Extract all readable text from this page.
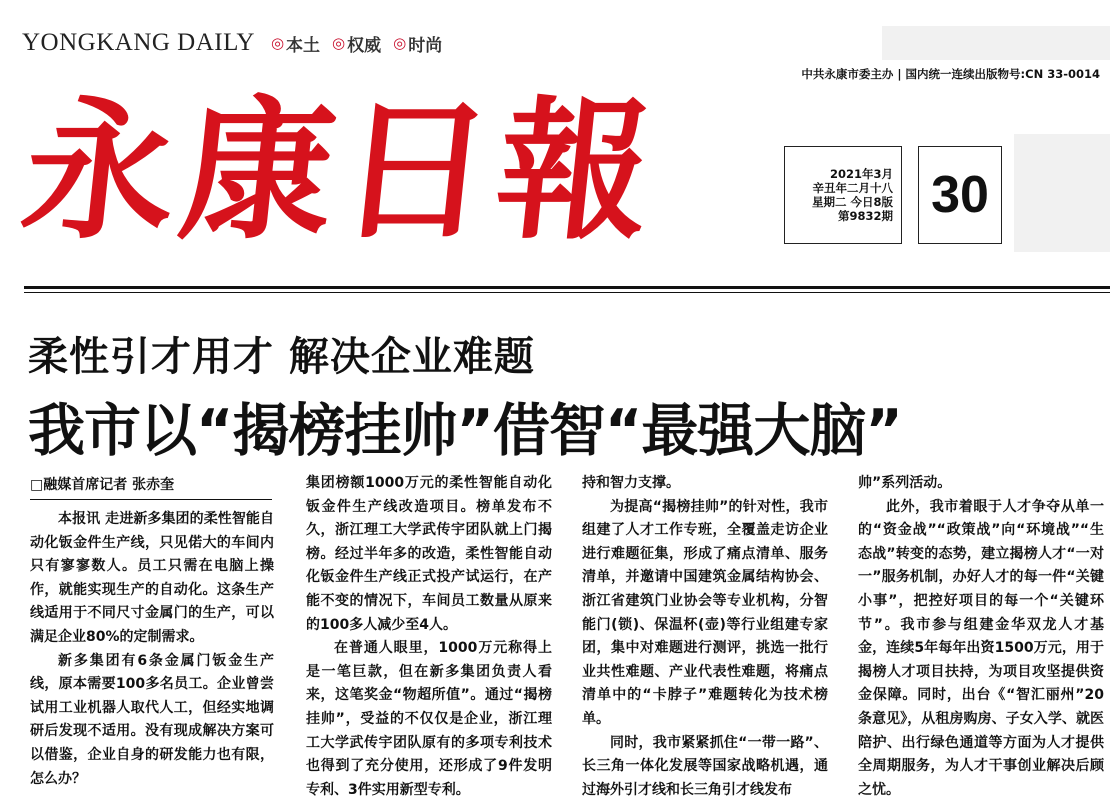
YONGKANG DAILY	◎ 本土 ◎ 权威 ◎ 时尚
中共永康市委主办 | 国内统一连续出版物号:CN 33-0014
永康日報	2021年3月
辛丑年二月十八
星期二 今日8版
第9832期 30
柔性引才用才 解决企业难题
我市以“揭榜挂帅”借智“最强大脑”
□融媒首席记者 张赤奎

本报讯 走进新多集团的柔性智能自动化钣金件生产线，只见偌大的车间内只有寥寥数人。员工只需在电脑上操作，就能实现生产的自动化。这条生产线适用于不同尺寸金属门的生产，可以满足企业80%的定制需求。

新多集团有6条金属门钣金生产线，原本需要100多名员工。企业曾尝试用工业机器人取代人工，但经实地调研后发现不适用。没有现成解决方案可以借鉴，企业自身的研发能力也有限，怎么办？

集团榜额1000万元的柔性智能自动化钣金件生产线改造项目。榜单发布不久，浙江理工大学武传宇团队就上门揭榜。经过半年多的改造，柔性智能自动化钣金件生产线正式投产试运行，在产能不变的情况下，车间员工数量从原来的100多人减少至4人。

在普通人眼里，1000万元称得上是一笔巨款，但在新多集团负责人看来，这笔奖金“物超所值”。通过“揭榜挂帅”，受益的不仅仅是企业，浙江理工大学武传宇团队原有的多项专利技术也得到了充分使用，还形成了9件发明专利、3件实用新型专利。

持和智力支撑。

为提高“揭榜挂帅”的针对性，我市组建了人才工作专班，全覆盖走访企业进行难题征集，形成了痛点清单、服务清单，并邀请中国建筑金属结构协会、浙江省建筑门业协会等专业机构，分智能门(锁)、保温杯(壶)等行业组建专家团，集中对难题进行测评，挑选一批行业共性难题、产业代表性难题，将痛点清单中的“卡脖子”难题转化为技术榜单。

同时，我市紧紧抓住“一带一路”、长三角一体化发展等国家战略机遇，通过海外引才线和长三角引才线发布

帅”系列活动。

此外，我市着眼于人才争夺从单一的“资金战”“政策战”向“环境战”“生态战”转变的态势，建立揭榜人才“一对一”服务机制，办好人才的每一件“关键小事”，把控好项目的每一个“关键环节”。我市参与组建金华双龙人才基金，连续5年每年出资1500万元，用于揭榜人才项目扶持，为项目攻坚提供资金保障。同时，出台《“智汇丽州”20条意见》，从租房购房、子女入学、就医陪护、出行绿色通道等方面为人才提供全周期服务，为人才干事创业解决后顾之忧。
